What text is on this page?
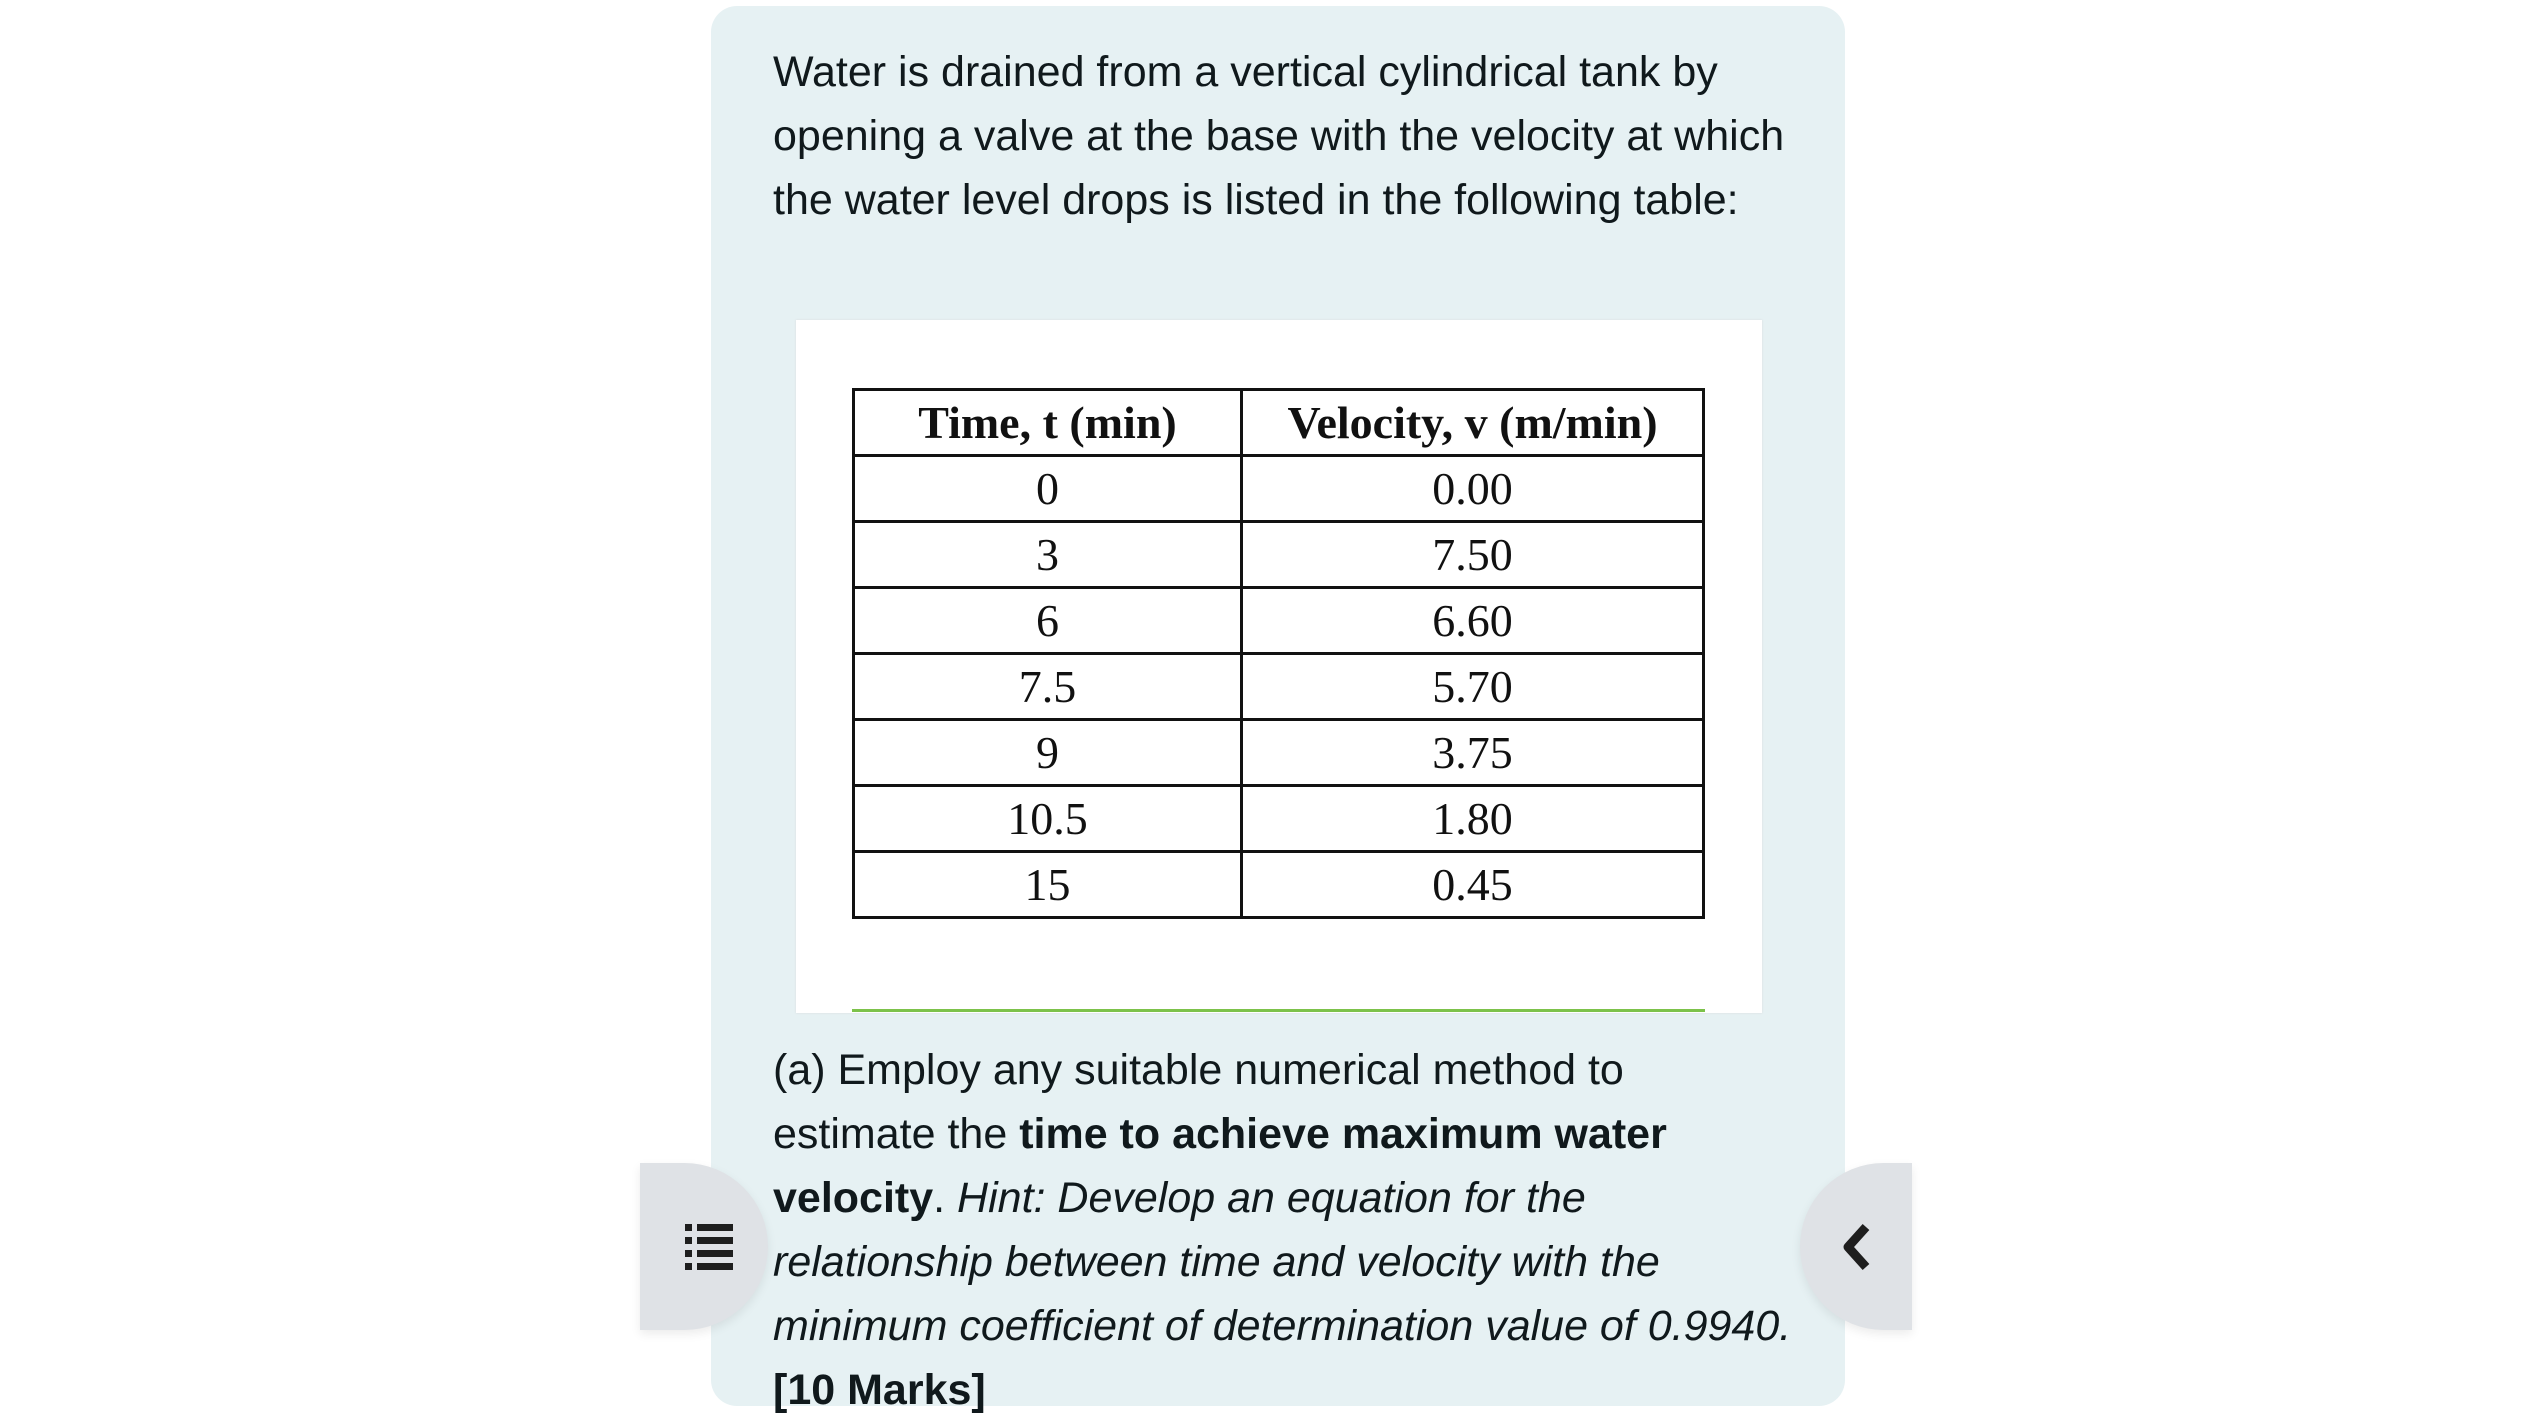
Water is drained from a vertical cylindrical tank by opening a valve at the base with the velocity at which the water level drops is listed in the following table:

Time, t (min)	Velocity, v (m/min)
0	0.00
3	7.50
6	6.60
7.5	5.70
9	3.75
10.5	1.80
15	0.45

(a) Employ any suitable numerical method to estimate the time to achieve maximum water velocity. Hint: Develop an equation for the relationship between time and velocity with the minimum coefficient of determination value of 0.9940. [10 Marks]
